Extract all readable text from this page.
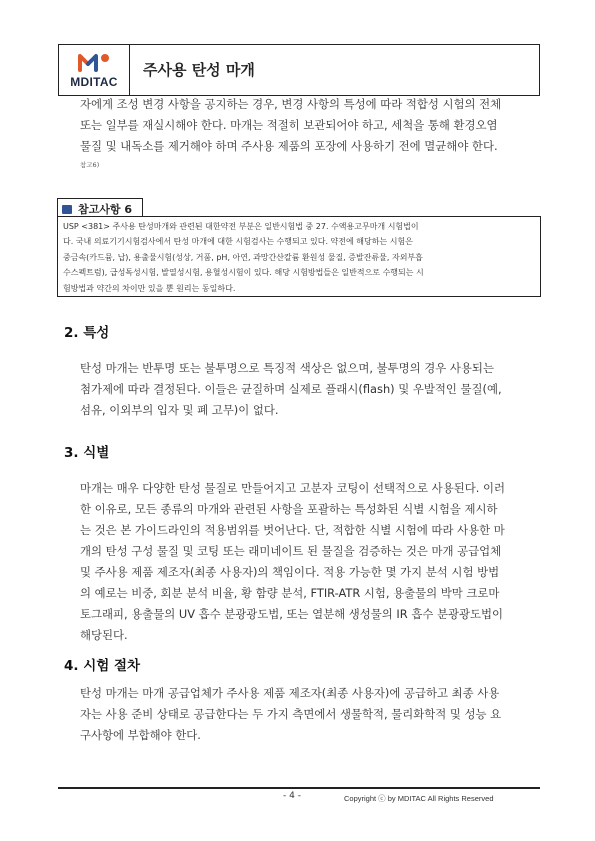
MDITAC
주사용 탄성 마개

자에게 조성 변경 사항을 공지하는 경우, 변경 사항의 특성에 따라 적합성 시험의 전체

또는 일부를 재실시해야 한다. 마개는 적절히 보관되어야 하고, 세척을 통해 환경오염

물질 및 내독소를 제거해야 하며 주사용 제품의 포장에 사용하기 전에 멸균해야 한다.

참고6)
참고사항 6

USP <381> 주사용 탄성마개와 관련된 대한약전 부분은 일반시험법 중 27. 수액용고무마개 시험법이

다. 국내 의료기기시험검사에서 탄성 마개에 대한 시험검사는 수행되고 있다. 약전에 해당하는 시험은

중금속(카드뮴, 납), 용출물시험(성상, 거품, pH, 아연, 과망간산칼륨 환원성 물질, 증발잔류물, 자외부흡

수스펙트럼), 급성독성시험, 발열성시험, 용혈성시험이 있다. 해당 시험방법들은 일반적으로 수행되는 시

험방법과 약간의 차이만 있을 뿐 원리는 동일하다.

2. 특성

탄성 마개는 반투명 또는 불투명으로 특징적 색상은 없으며, 불투명의 경우 사용되는

첨가제에 따라 결정된다. 이들은 균질하며 실제로 플래시(flash) 및 우발적인 물질(예,

섬유, 이외부의 입자 및 폐 고무)이 없다.

3. 식별

마개는 매우 다양한 탄성 물질로 만들어지고 고분자 코팅이 선택적으로 사용된다. 이러

한 이유로, 모든 종류의 마개와 관련된 사항을 포괄하는 특성화된 식별 시험을 제시하

는 것은 본 가이드라인의 적용범위를 벗어난다. 단, 적합한 식별 시험에 따라 사용한 마

개의 탄성 구성 물질 및 코팅 또는 래미네이트 된 물질을 검증하는 것은 마개 공급업체

및 주사용 제품 제조자(최종 사용자)의 책임이다. 적용 가능한 몇 가지 분석 시험 방법

의 예로는 비중, 회분 분석 비율, 황 함량 분석, FTIR-ATR 시험, 용출물의 박막 크로마

토그래피, 용출물의 UV 흡수 분광광도법, 또는 열분해 생성물의 IR 흡수 분광광도법이

해당된다.

4. 시험 절차

탄성 마개는 마개 공급업체가 주사용 제품 제조자(최종 사용자)에 공급하고 최종 사용

자는 사용 준비 상태로 공급한다는 두 가지 측면에서 생물학적, 물리화학적 및 성능 요

구사항에 부합해야 한다.

- 4 -	Copyright ⓒ by MDITAC All Rights Reserved
